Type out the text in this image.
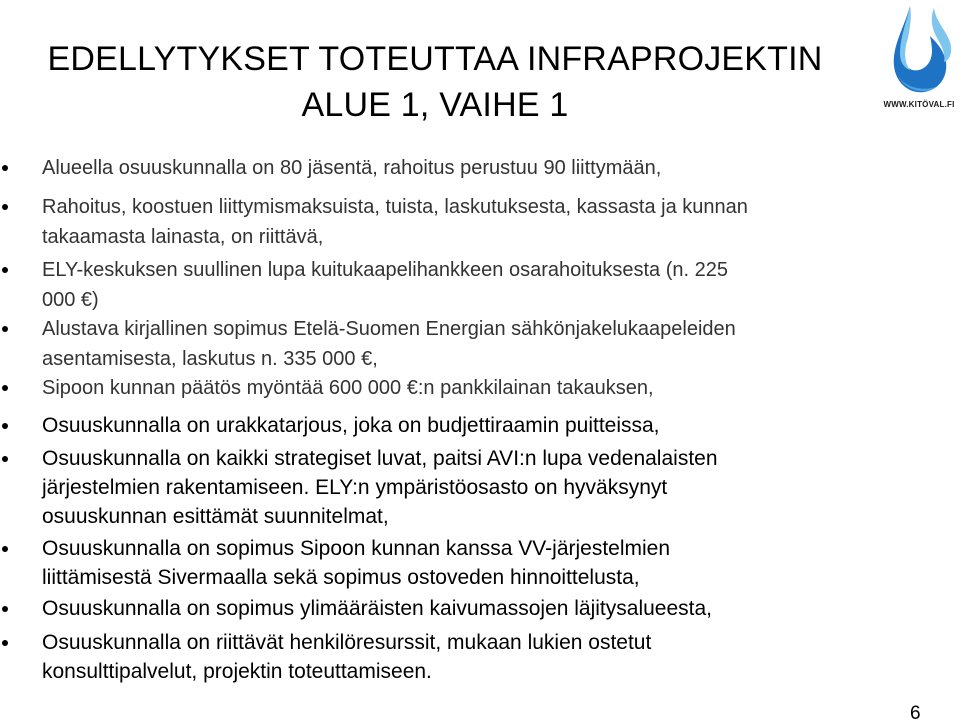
EDELLYTYKSET TOTEUTTAA INFRAPROJEKTIN
ALUE 1, VAIHE 1	WWW.KITÖVAL.FI
Alueella osuuskunnalla on 80 jäsentä, rahoitus perustuu 90 liittymään,
Rahoitus, koostuen liittymismaksuista, tuista, laskutuksesta, kassasta ja kunnan
takaamasta lainasta, on riittävä,
ELY-keskuksen suullinen lupa kuitukaapelihankkeen osarahoituksesta (n. 225
000 €)
Alustava kirjallinen sopimus Etelä-Suomen Energian sähkönjakelukaapeleiden
asentamisesta, laskutus n. 335 000 €,
Sipoon kunnan päätös myöntää 600 000 €:n pankkilainan takauksen,
Osuuskunnalla on urakkatarjous, joka on budjettiraamin puitteissa,
Osuuskunnalla on kaikki strategiset luvat, paitsi AVI:n lupa vedenalaisten
järjestelmien rakentamiseen. ELY:n ympäristöosasto on hyväksynyt
osuuskunnan esittämät suunnitelmat,
Osuuskunnalla on sopimus Sipoon kunnan kanssa VV-järjestelmien
liittämisestä Sivermaalla sekä sopimus ostoveden hinnoittelusta,
Osuuskunnalla on sopimus ylimääräisten kaivumassojen läjitysalueesta,
Osuuskunnalla on riittävät henkilöresurssit, mukaan lukien ostetut
konsulttipalvelut, projektin toteuttamiseen.
6
